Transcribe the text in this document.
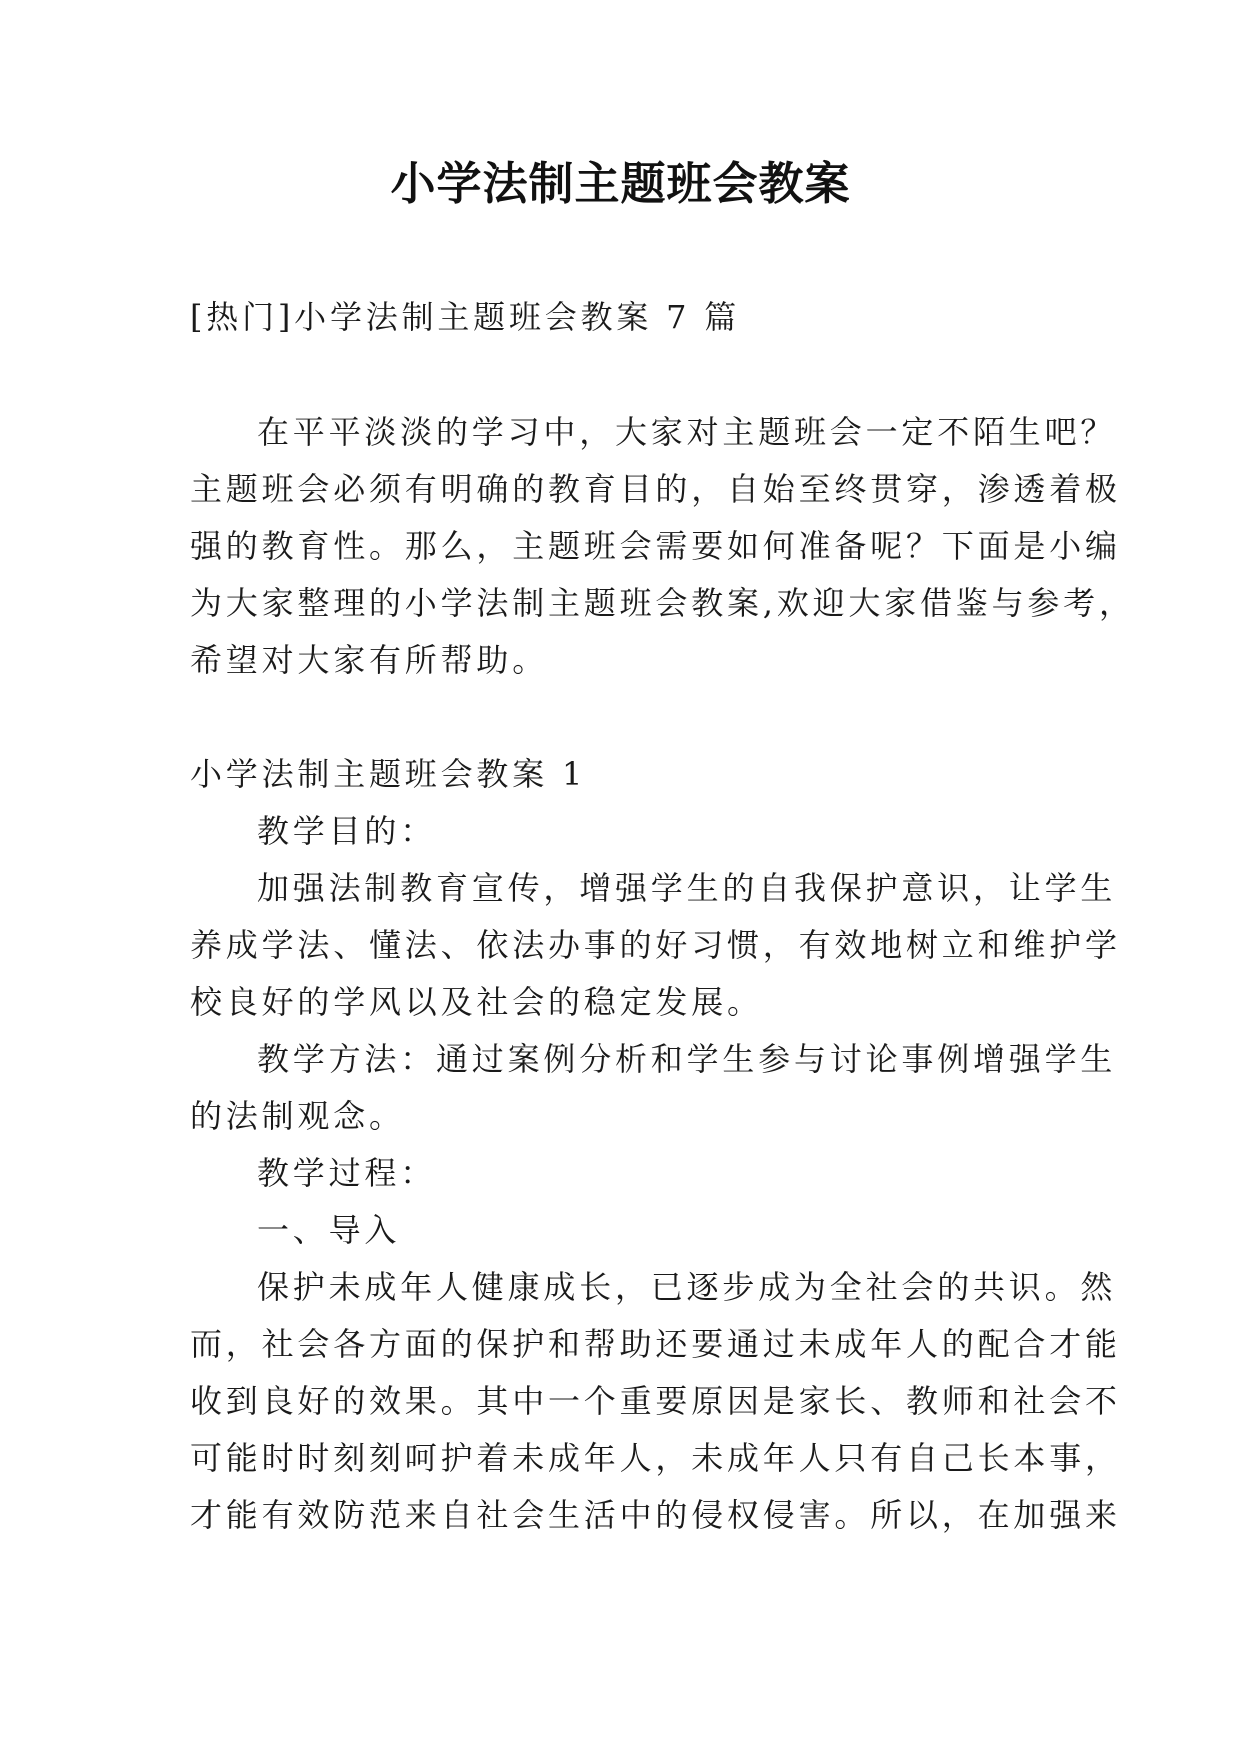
小学法制主题班会教案

[热门]小学法制主题班会教案 7 篇

在平平淡淡的学习中，大家对主题班会一定不陌生吧？

主题班会必须有明确的教育目的，自始至终贯穿，渗透着极

强的教育性。那么，主题班会需要如何准备呢？下面是小编

为大家整理的小学法制主题班会教案,欢迎大家借鉴与参考，

希望对大家有所帮助。

小学法制主题班会教案 1

教学目的：

加强法制教育宣传，增强学生的自我保护意识，让学生

养成学法、懂法、依法办事的好习惯，有效地树立和维护学

校良好的学风以及社会的稳定发展。

教学方法：通过案例分析和学生参与讨论事例增强学生

的法制观念。

教学过程：

一、导入

保护未成年人健康成长，已逐步成为全社会的共识。然

而，社会各方面的保护和帮助还要通过未成年人的配合才能

收到良好的效果。其中一个重要原因是家长、教师和社会不

可能时时刻刻呵护着未成年人，未成年人只有自己长本事，

才能有效防范来自社会生活中的侵权侵害。所以，在加强来
